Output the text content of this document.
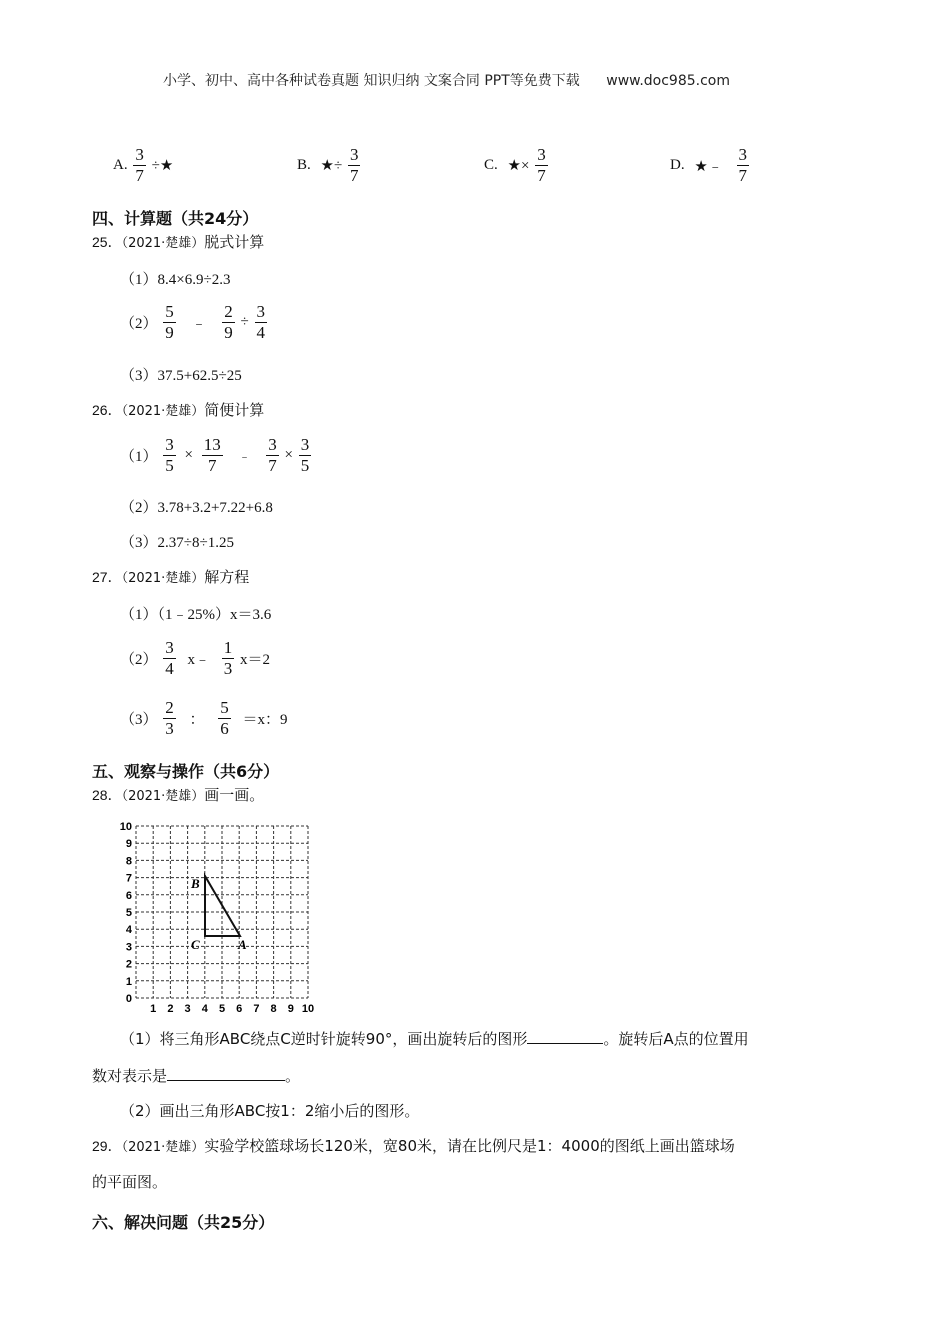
小学、初中、高中各种试卷真题 知识归纳 文案合同 PPT等免费下载 www.doc985.com
A. $\frac{3}{7}$ ÷★	B. ★÷ $\frac{3}{7}$	C. ★× $\frac{3}{7}$	D. ★﹣ $\frac{3}{7}$
四、计算题（共24分）
25．（2021·楚雄）脱式计算
（1）8.4×6.9÷2.3
$(2) \frac{5}{9}$ ﹣ $\frac{2}{9} \div \frac{3}{4}$
（3）37.5+62.5÷25
26．（2021·楚雄）简便计算
$(1) \frac{3}{5} \times \frac{13}{7}$ ﹣ $\frac{3}{7} \times \frac{3}{5}$
（2）3.78+3.2+7.22+6.8
（3）2.37÷8÷1.25
27．（2021·楚雄）解方程
（1）（1﹣25%）x＝3.6
$(2) \frac{3}{4}$ x﹣ $\frac{1}{3} x=2$
$(3) \frac{2}{3}$ ： $\frac{5}{6} =x$：9
五、观察与操作（共6分）
28．（2021·楚雄）画一画。
10
9
8
7
6
5
4
3
2
1
0
1 2 3 4 5 6 7 8 9 10
B
C	A
（1）将三角形ABC绕点C逆时针旋转90°，画出旋转后的图形	。旋转后A点的位置用
数对表示是	。
（2）画出三角形ABC按1：2缩小后的图形。
29．（2021·楚雄）实验学校篮球场长120米，宽80米，请在比例尺是1：4000的图纸上画出篮球场
的平面图。
六、解决问题（共25分）
